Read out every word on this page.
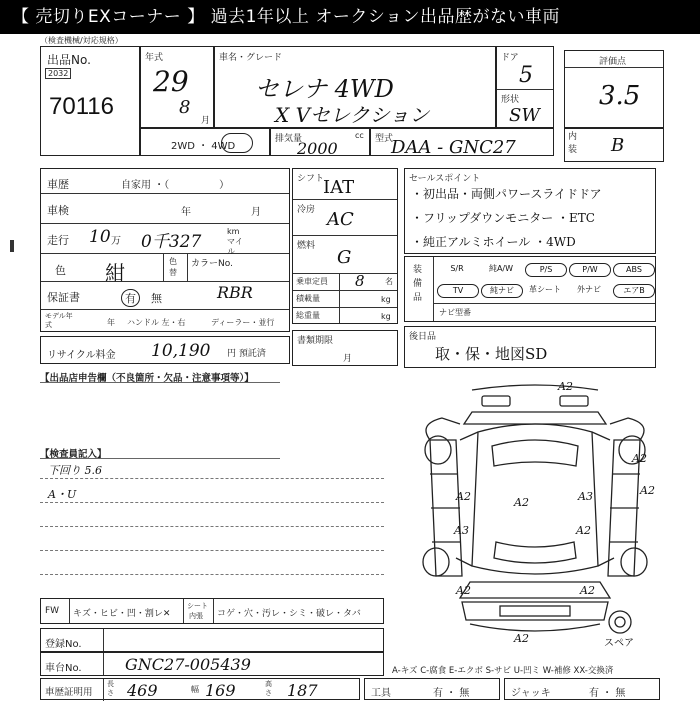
【 売切りEXコーナー 】 過去1年以上 オークション出品歴がない車両
（検査機械/対応規格）
出品No.
2032
70116
年式
29
8
月
車名・グレード
セレナ 4WD
X Vセレクション
ドア
5
形状
SW
評価点
3.5
2WD ・ 4WD
排気量	cc
2000	型式
DAA - GNC27	内装 B
車歴	自家用 ・（　　　　　）
車検	年	月
走行 10 万 0千327
km マイル
色 紺	色替
カラーNo.
RBR
保証書	有	無
モデル年式	年 ハンドル 左・右	ディーラー・並行
リサイクル料金 10,190 円 預託済
シフト
IAT
冷房 AC
燃料
G
乗車定員 8	名
積載量	kg
総重量	kg
書類期限
月
セールスポイント
・初出品・両側パワースライドドア
・フリップダウンモニター ・ETC
・純正アルミホイール ・4WD
装備品
S/R	純A/W	P/S	P/W	ABS
TV	純ナビ	革シート	外ナビ	エアB
ナビ型番
後日品
取・保・地図SD
【出品店申告欄（不良箇所・欠品・注意事項等）】
【検査員記入】
下回り 5.6
A・U
A2
A2
A2
A3
A3
A2
A2
A2	A2
A2
A2
スペア
FW キズ・ヒビ・凹・割レ✕
シート
内張 コゲ・穴・汚レ・シミ・破レ・タバ
登録No.
車台No.	GNC27-005439	A-キズ C-腐食 E-エクボ S-サビ U-凹ミ W-補修 XX-交換済
車歴証明用
長さ 469	幅 169	高さ 187	工具	有 ・ 無	ジャッキ	有 ・ 無
